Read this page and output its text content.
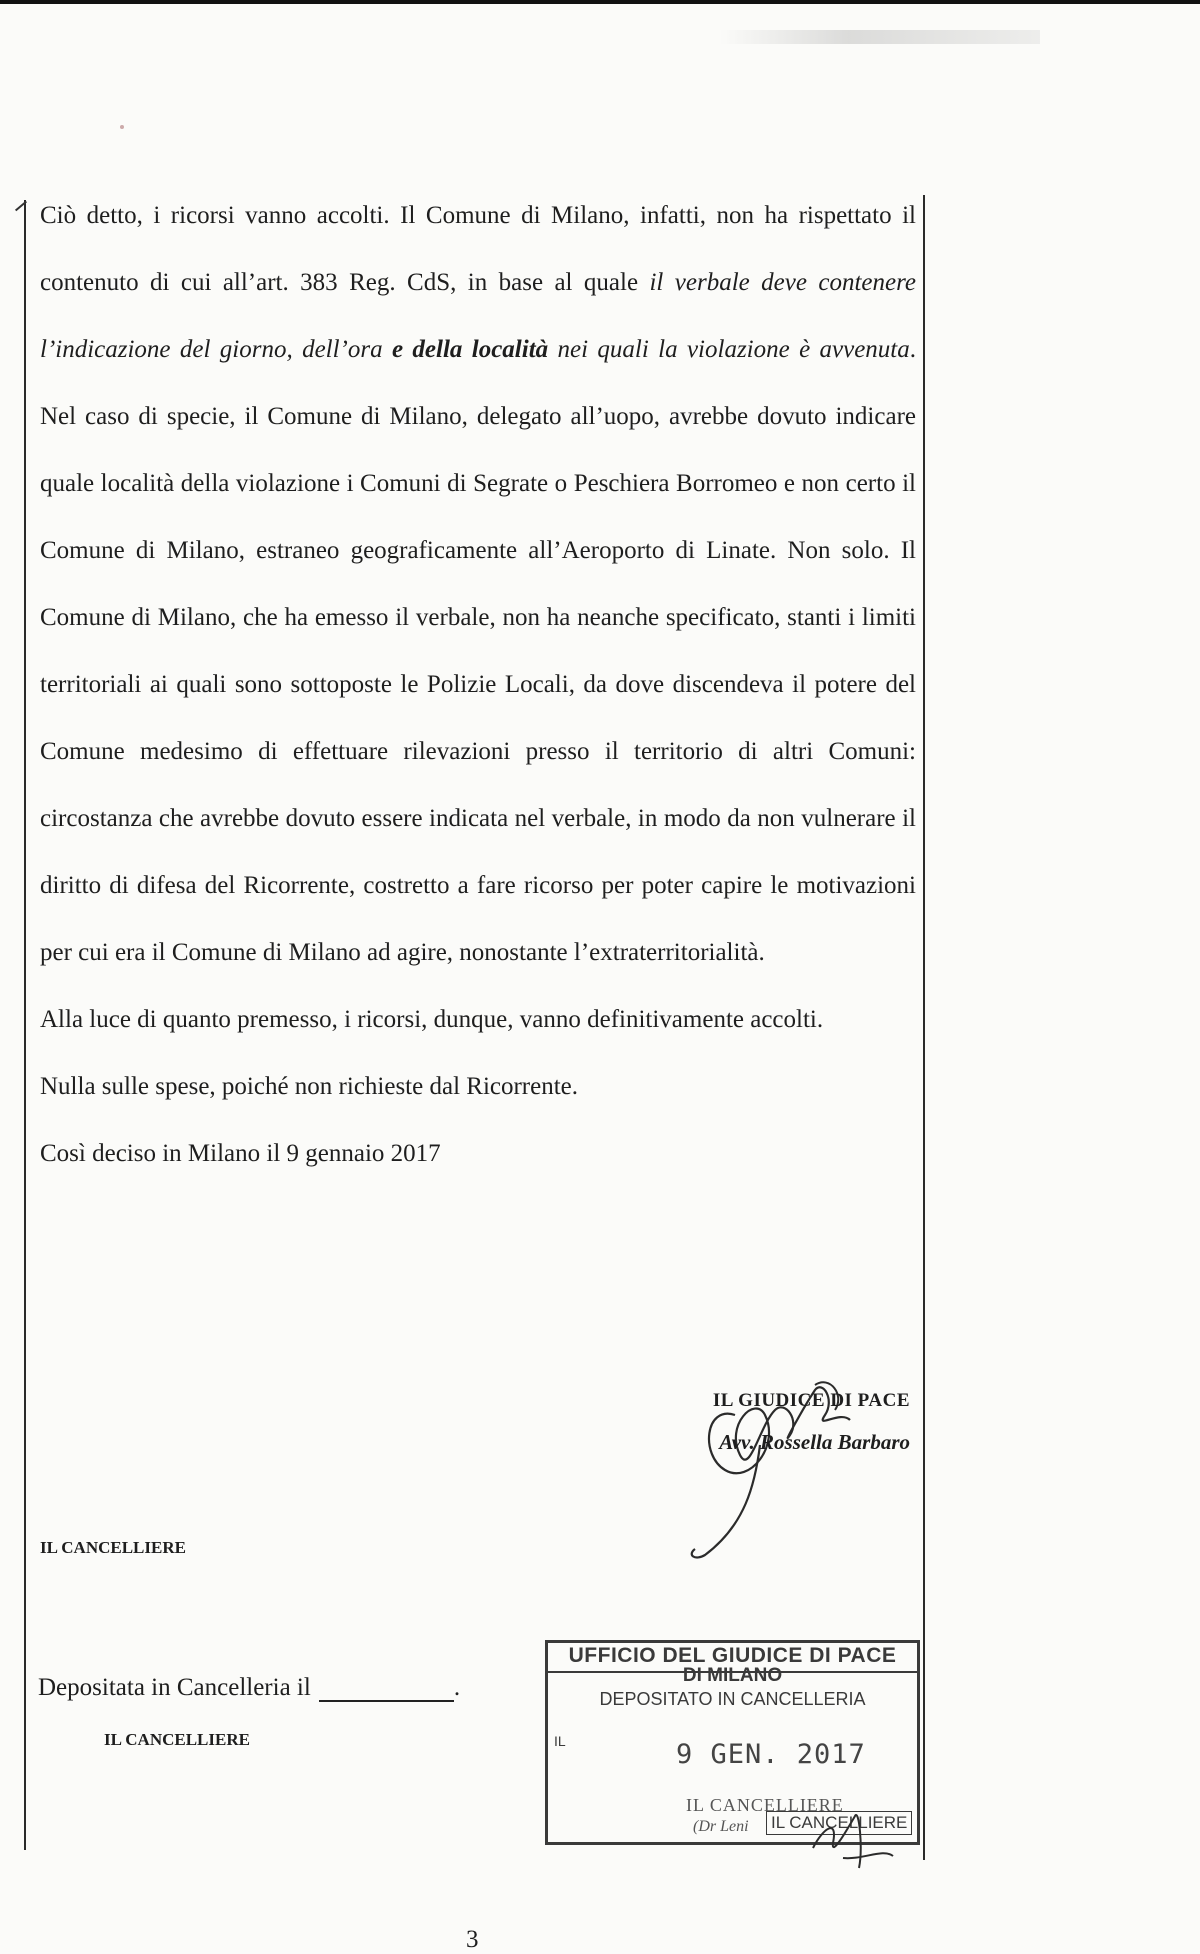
Ciò detto, i ricorsi vanno accolti. Il Comune di Milano, infatti, non ha rispettato il contenuto di cui all’art. 383 Reg. CdS, in base al quale il verbale deve contenere l’indicazione del giorno, dell’ora e della località nei quali la violazione è avvenuta. Nel caso di specie, il Comune di Milano, delegato all’uopo, avrebbe dovuto indicare quale località della violazione i Comuni di Segrate o Peschiera Borromeo e non certo il Comune di Milano, estraneo geograficamente all’Aeroporto di Linate. Non solo. Il Comune di Milano, che ha emesso il verbale, non ha neanche specificato, stanti i limiti territoriali ai quali sono sottoposte le Polizie Locali, da dove discendeva il potere del Comune medesimo di effettuare rilevazioni presso il territorio di altri Comuni: circostanza che avrebbe dovuto essere indicata nel verbale, in modo da non vulnerare il diritto di difesa del Ricorrente, costretto a fare ricorso per poter capire le motivazioni per cui era il Comune di Milano ad agire, nonostante l’extraterritorialità.

Alla luce di quanto premesso, i ricorsi, dunque, vanno definitivamente accolti.

Nulla sulle spese, poiché non richieste dal Ricorrente.

Così deciso in Milano il 9 gennaio 2017

IL GIUDICE DI PACE
Avv. Rossella Barbaro
IL CANCELLIERE
Depositata in Cancelleria il	.
IL CANCELLIERE
UFFICIO DEL GIUDICE DI PACE
DI MILANO
DEPOSITATO IN CANCELLERIA
IL	9 GEN. 2017
IL CANCELLIERE
(Dr Leni IL CANCELLIERE
3
